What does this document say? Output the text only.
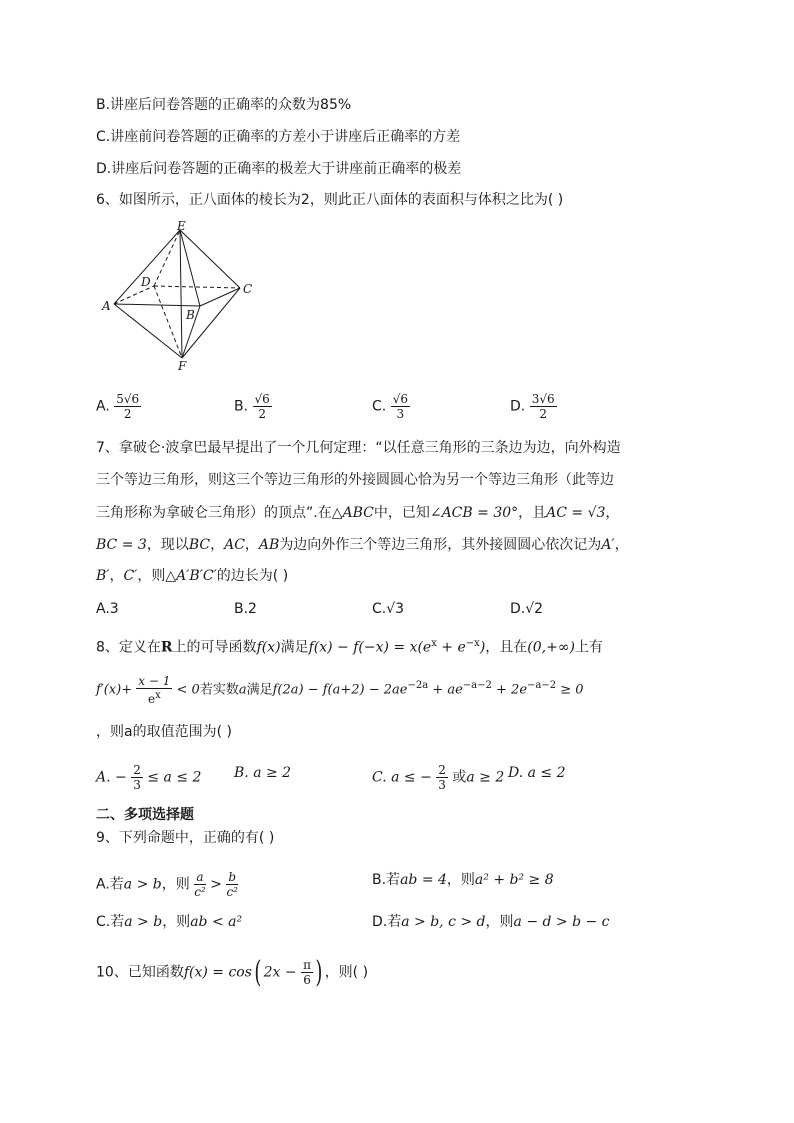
B.讲座后问卷答题的正确率的众数为85%
C.讲座前问卷答题的正确率的方差小于讲座后正确率的方差
D.讲座后问卷答题的正确率的极差大于讲座前正确率的极差
6、如图所示，正八面体的棱长为2，则此正八面体的表面积与体积之比为( )
E
D	C
A
B
F
A. $\frac{5√6}{2}$	B. $\frac{√6}{2}$	C. $\frac{√6}{3}$	D. $\frac{3√6}{2}$
7、拿破仑·波拿巴最早提出了一个几何定理：“以任意三角形的三条边为边，向外构造
三个等边三角形，则这三个等边三角形的外接圆圆心恰为另一个等边三角形（此等边
三角形称为拿破仑三角形）的顶点”.在△ABC中，已知∠ACB = 30°，且AC = √3，
BC = 3，现以BC，AC，AB为边向外作三个等边三角形，其外接圆圆心依次记为A′，
B′，C′，则△A′B′C′的边长为( )
A.3	B.2	C.√3	D.√2
8、定义在R上的可导函数f(x)满足$f(x) - f(-x) = x(e^x + e^{-x})$，且在(0,+∞)上有
$f'(x)+ \frac{x - 1}{e^x} < 0$若实数a满足$f(2a) - f(a+2) - 2ae^{-2a} + ae^{-a-2} + 2e^{-a-2} \ge 0$
，则a的取值范围为( )
A. − $\frac{2}{3} \le a \le 2$ B. a ≥ 2	C. a ≤ − $\frac{2}{3}$ 或a ≥ 2 D. a ≤ 2
二、多项选择题
9、下列命题中，正确的有( )
A.若a > b，则 $\frac{a}{\text{c²}} > \frac{b}{\text{c²}}$	B.若ab = 4，则a² + b² ≥ 8
C.若a > b，则ab < a²	D.若a > b, c > d，则a − d > b − c
10、已知函数f(x) = cos( $2x - \frac{\pi}{6}$ ) ，则( )
